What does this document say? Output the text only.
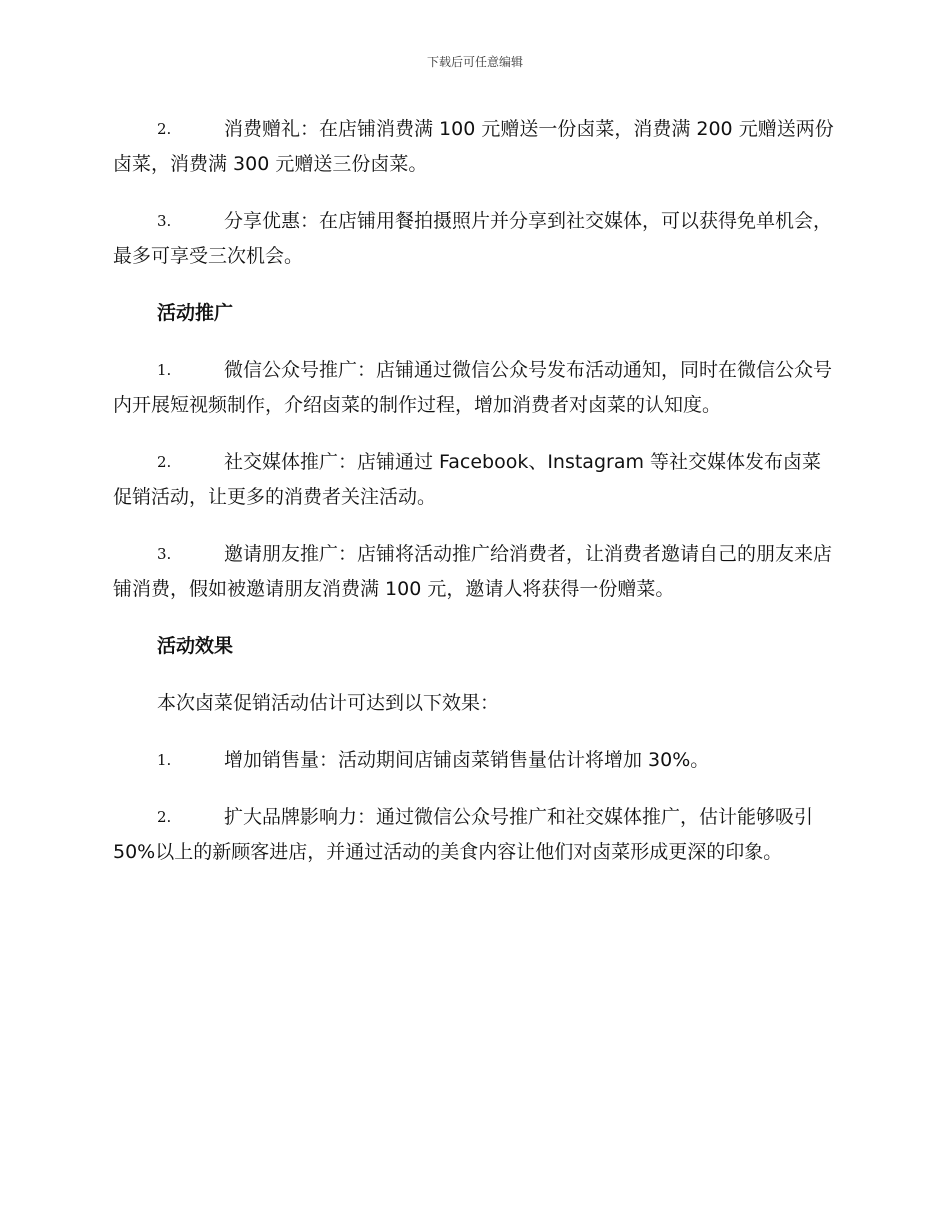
下载后可任意编辑

2.	消费赠礼：在店铺消费满 100 元赠送一份卤菜，消费满 200 元赠送两份卤菜，消费满 300 元赠送三份卤菜。

3.	分享优惠：在店铺用餐拍摄照片并分享到社交媒体，可以获得免单机会，最多可享受三次机会。

活动推广

1.	微信公众号推广：店铺通过微信公众号发布活动通知，同时在微信公众号内开展短视频制作，介绍卤菜的制作过程，增加消费者对卤菜的认知度。

2.	社交媒体推广：店铺通过 Facebook、Instagram 等社交媒体发布卤菜促销活动，让更多的消费者关注活动。

3.	邀请朋友推广：店铺将活动推广给消费者，让消费者邀请自己的朋友来店铺消费，假如被邀请朋友消费满 100 元，邀请人将获得一份赠菜。

活动效果

本次卤菜促销活动估计可达到以下效果：

1.	增加销售量：活动期间店铺卤菜销售量估计将增加 30%。

2.	扩大品牌影响力：通过微信公众号推广和社交媒体推广，估计能够吸引 50%以上的新顾客进店，并通过活动的美食内容让他们对卤菜形成更深的印象。
